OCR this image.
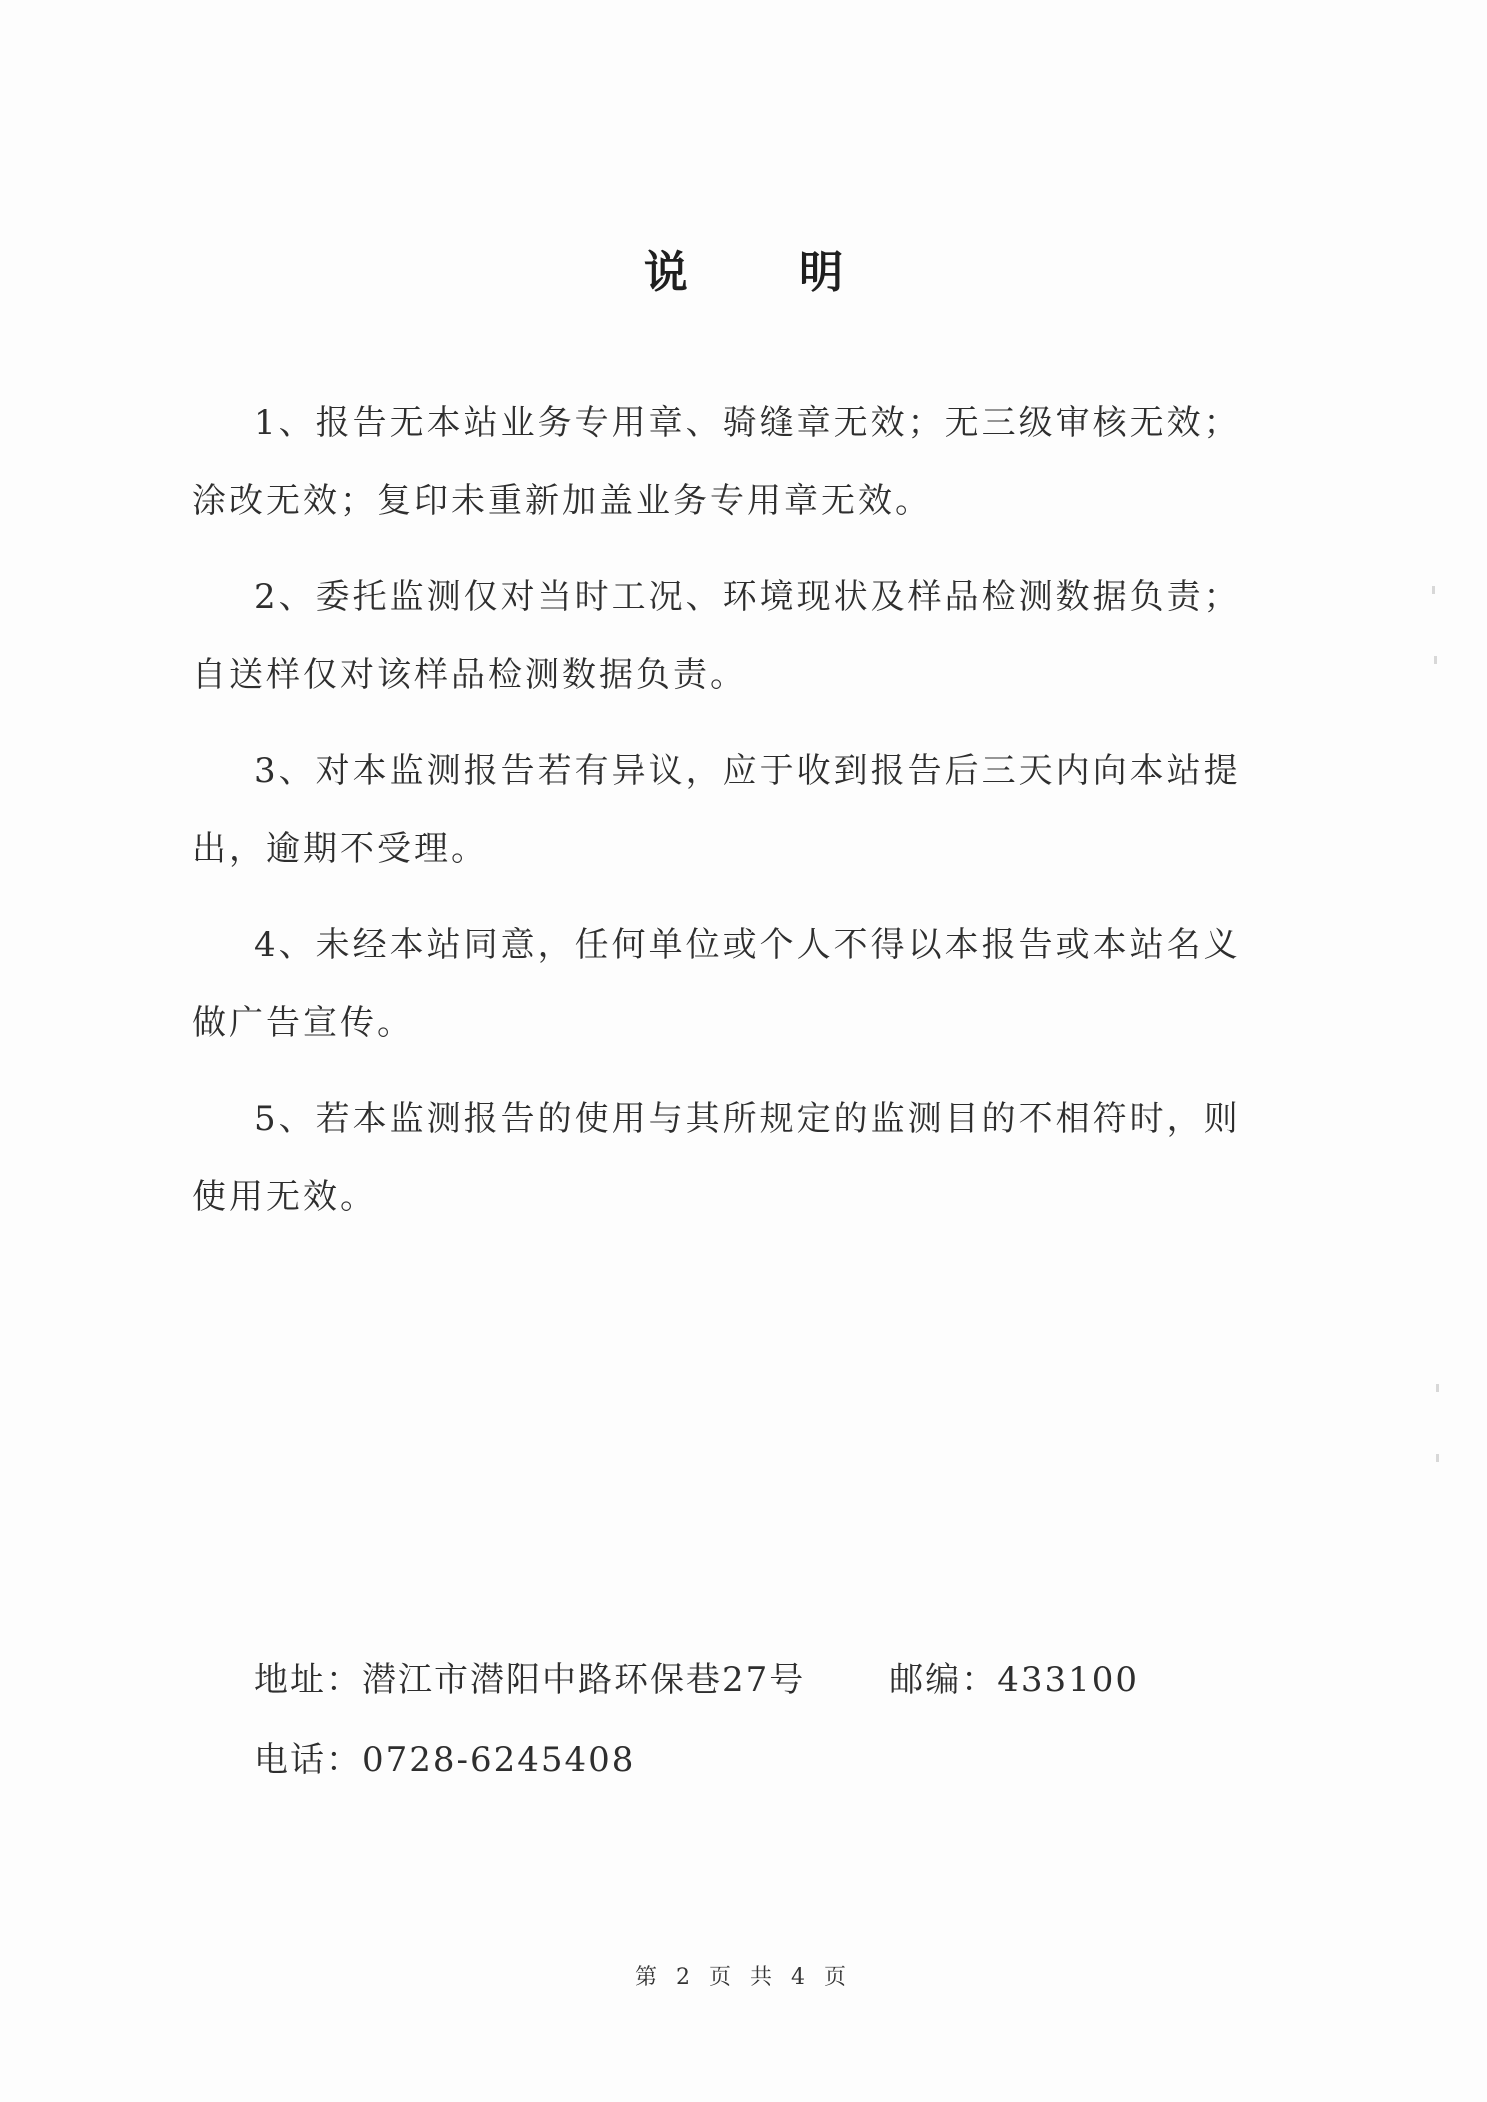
说 明
1、报告无本站业务专用章、骑缝章无效；无三级审核无效；
涂改无效；复印未重新加盖业务专用章无效。
2、委托监测仅对当时工况、环境现状及样品检测数据负责；
自送样仅对该样品检测数据负责。
3、对本监测报告若有异议，应于收到报告后三天内向本站提
出，逾期不受理。
4、未经本站同意，任何单位或个人不得以本报告或本站名义
做广告宣传。
5、若本监测报告的使用与其所规定的监测目的不相符时，则
使用无效。
地址：潜江市潜阳中路环保巷27号 邮编：433100
电话：0728-6245408
第 2 页 共 4 页
